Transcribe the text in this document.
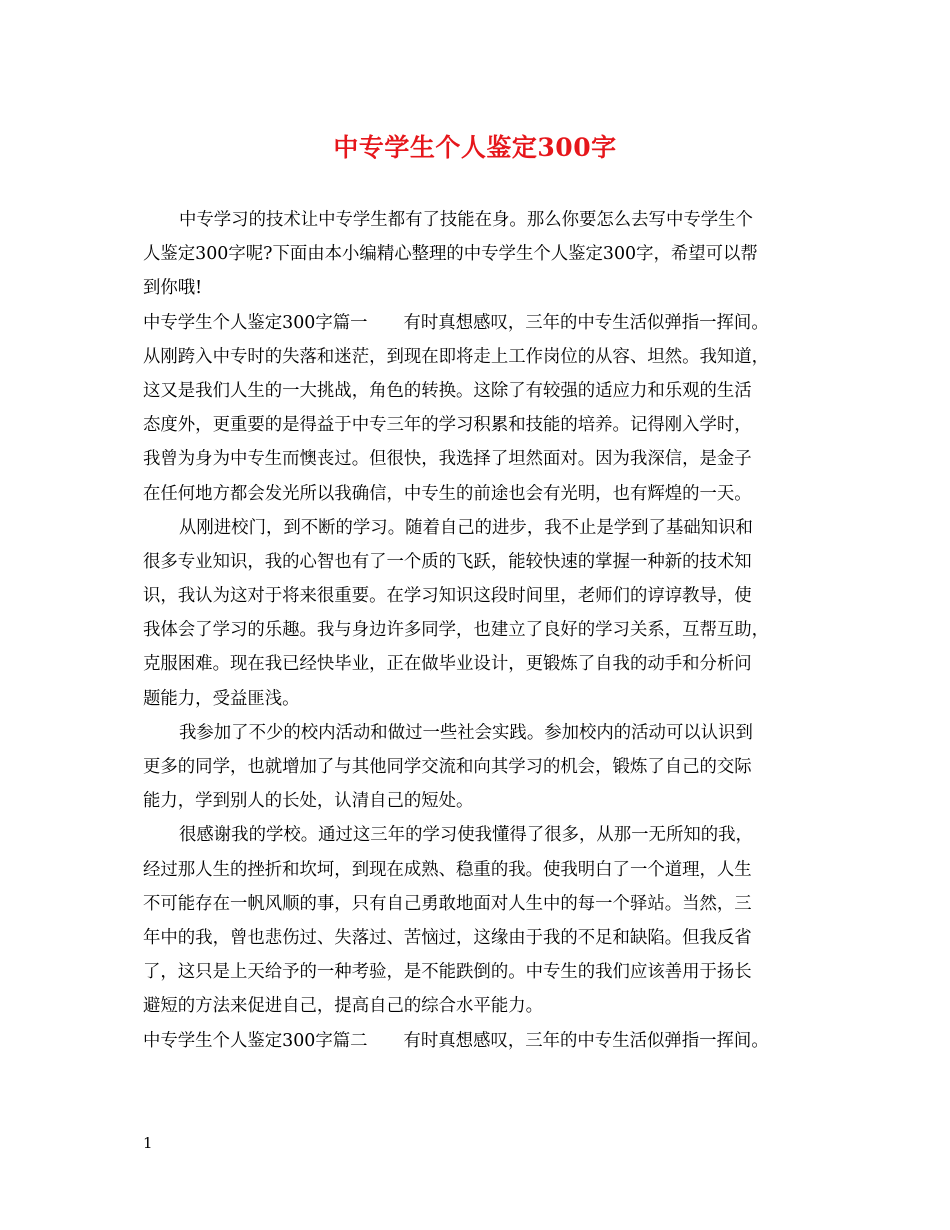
中专学生个人鉴定300字
中专学习的技术让中专学生都有了技能在身。那么你要怎么去写中专学生个
人鉴定300字呢?下面由本小编精心整理的中专学生个人鉴定300字，希望可以帮
到你哦!
中专学生个人鉴定300字篇一 有时真想感叹，三年的中专生活似弹指一挥间。
从刚跨入中专时的失落和迷茫，到现在即将走上工作岗位的从容、坦然。我知道，
这又是我们人生的一大挑战，角色的转换。这除了有较强的适应力和乐观的生活
态度外，更重要的是得益于中专三年的学习积累和技能的培养。记得刚入学时，
我曾为身为中专生而懊丧过。但很快，我选择了坦然面对。因为我深信，是金子
在任何地方都会发光所以我确信，中专生的前途也会有光明，也有辉煌的一天。
从刚进校门，到不断的学习。随着自己的进步，我不止是学到了基础知识和
很多专业知识，我的心智也有了一个质的飞跃，能较快速的掌握一种新的技术知
识，我认为这对于将来很重要。在学习知识这段时间里，老师们的谆谆教导，使
我体会了学习的乐趣。我与身边许多同学，也建立了良好的学习关系，互帮互助，
克服困难。现在我已经快毕业，正在做毕业设计，更锻炼了自我的动手和分析问
题能力，受益匪浅。
我参加了不少的校内活动和做过一些社会实践。参加校内的活动可以认识到
更多的同学，也就增加了与其他同学交流和向其学习的机会，锻炼了自己的交际
能力，学到别人的长处，认清自己的短处。
很感谢我的学校。通过这三年的学习使我懂得了很多，从那一无所知的我，
经过那人生的挫折和坎坷，到现在成熟、稳重的我。使我明白了一个道理，人生
不可能存在一帆风顺的事，只有自己勇敢地面对人生中的每一个驿站。当然，三
年中的我，曾也悲伤过、失落过、苦恼过，这缘由于我的不足和缺陷。但我反省
了，这只是上天给予的一种考验，是不能跌倒的。中专生的我们应该善用于扬长
避短的方法来促进自己，提高自己的综合水平能力。
中专学生个人鉴定300字篇二 有时真想感叹，三年的中专生活似弹指一挥间。
1
